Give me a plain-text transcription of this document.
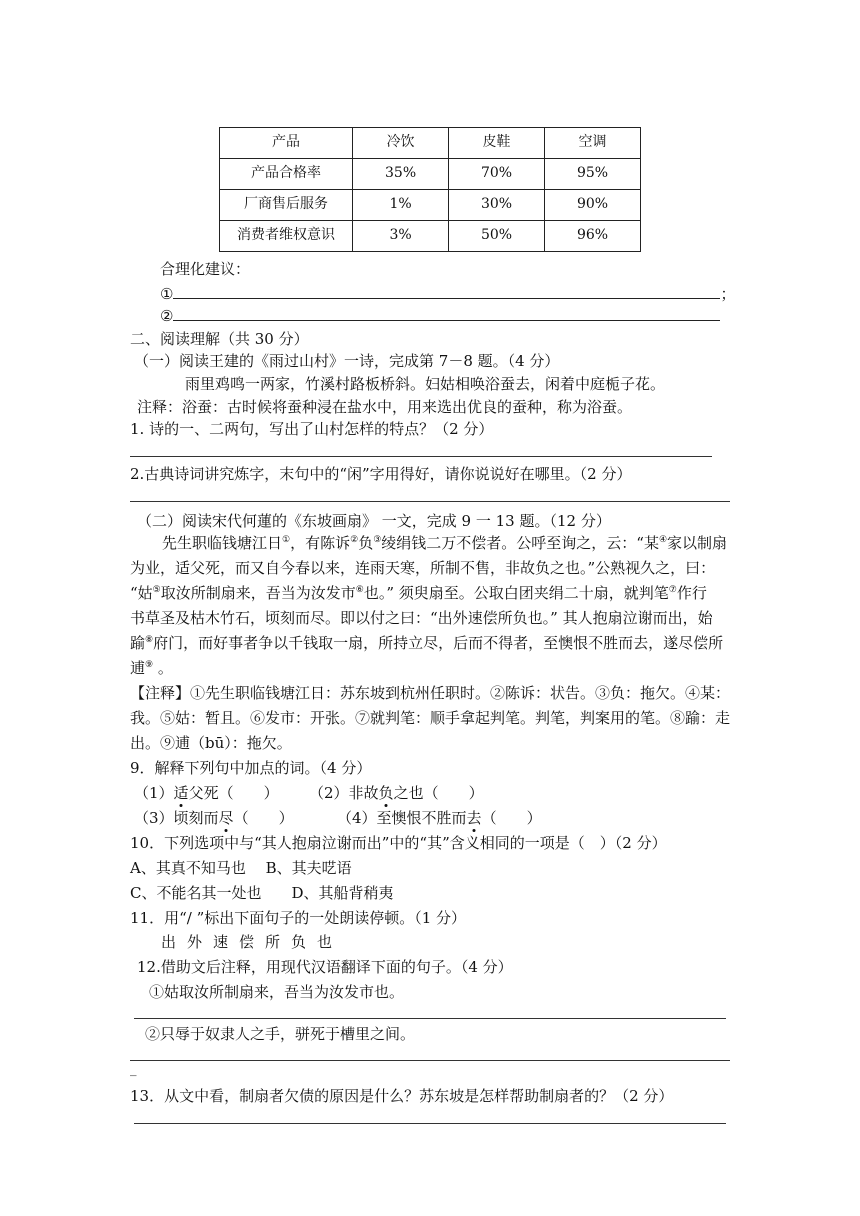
产品	冷饮	皮鞋	空调
产品合格率	35%	70%	95%
厂商售后服务	1%	30%	90%
消费者维权意识	3%	50%	96%
合理化建议：
①	；
②
二、阅读理解（共 30 分）
（一）阅读王建的《雨过山村》一诗，完成第 7－8 题。（4 分）
雨里鸡鸣一两家，竹溪村路板桥斜。妇姑相唤浴蚕去，闲着中庭栀子花。
注释：浴蚕：古时候将蚕种浸在盐水中，用来选出优良的蚕种，称为浴蚕。
1. 诗的一、二两句，写出了山村怎样的特点？（2 分）
2.古典诗词讲究炼字，末句中的“闲”字用得好，请你说说好在哪里。（2 分）
（二）阅读宋代何蓮的《东坡画扇》 一文，完成 9 一 13 题。（12 分）
先生职临钱塘江日①，有陈诉②负③绫绢钱二万不偿者。公呼至询之，云：“某④家以制扇
为业，适父死，而又自今春以来，连雨天寒，所制不售，非故负之也。”公熟视久之，曰：
“姑⑤取汝所制扇来，吾当为汝发市⑥也。” 须臾扇至。公取白团夹绢二十扇，就判笔⑦作行
书草圣及枯木竹石，顷刻而尽。即以付之曰：“出外速偿所负也。” 其人抱扇泣谢而出，始
踰⑧府门，而好事者争以千钱取一扇，所持立尽，后而不得者，至懊恨不胜而去，遂尽偿所
逋⑨ 。
【注释】①先生职临钱塘江日：苏东坡到杭州任职时。②陈诉：状告。③负：拖欠。④某：
我。⑤姑：暂且。⑥发市：开张。⑦就判笔：顺手拿起判笔。判笔，判案用的笔。⑧踰：走
出。⑨逋（bū）：拖欠。
9．解释下列句中加点的词。（4 分）
（1）适父死（　　） （2）非故负之也（　　）
（3）顷刻而尽（　　）	（4）至懊恨不胜而去（　　）
10．下列选项中与“其人抱扇泣谢而出”中的“其”含义相同的一项是（　）（2 分）
A、其真不知马也　 B、其夫呓语
C、不能名其一处也　　D、其船背稍夷
11．用“/ ”标出下面句子的一处朗读停顿。（1 分）
出外速偿所负也
12.借助文后注释，用现代汉语翻译下面的句子。（4 分）
①姑取汝所制扇来，吾当为汝发市也。
②只辱于奴隶人之手，骈死于槽里之间。
_
13．从文中看，制扇者欠债的原因是什么？苏东坡是怎样帮助制扇者的？（2 分）
